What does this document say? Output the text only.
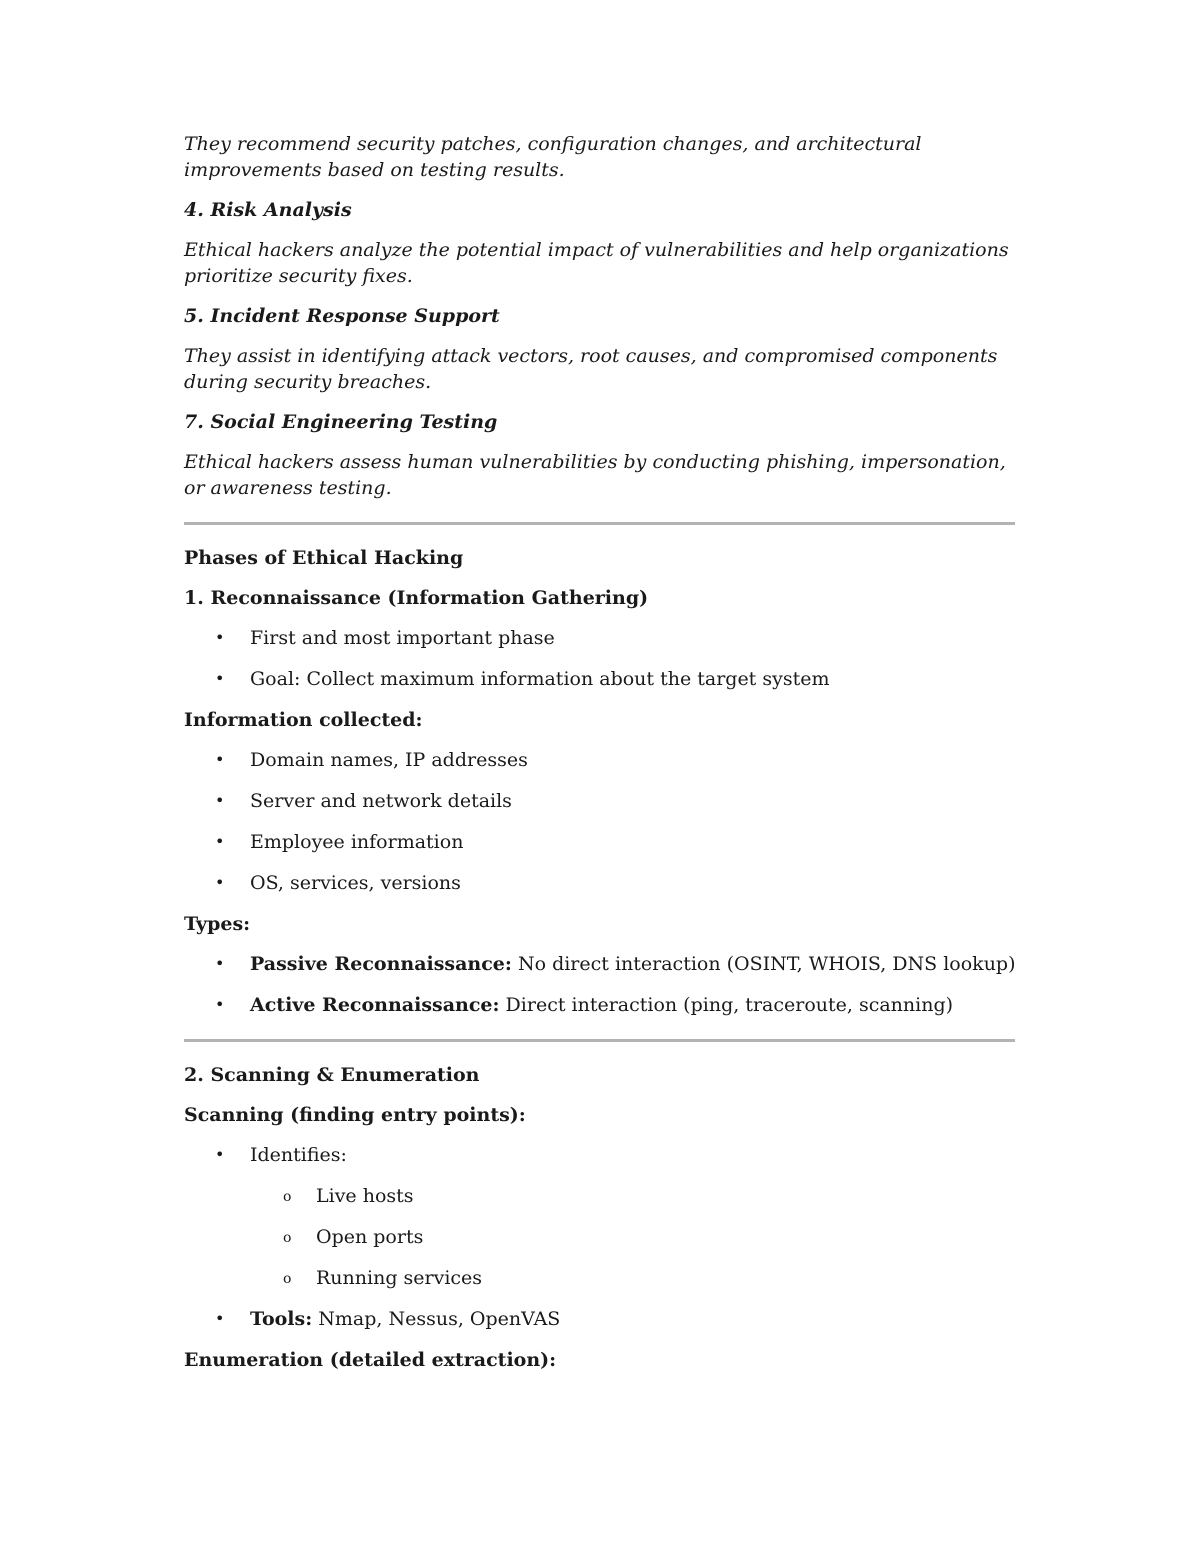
They recommend security patches, configuration changes, and architectural improvements based on testing results.

4. Risk Analysis

Ethical hackers analyze the potential impact of vulnerabilities and help organizations prioritize security fixes.

5. Incident Response Support

They assist in identifying attack vectors, root causes, and compromised components during security breaches.

7. Social Engineering Testing

Ethical hackers assess human vulnerabilities by conducting phishing, impersonation, or awareness testing.

Phases of Ethical Hacking
1. Reconnaissance (Information Gathering)
• First and most important phase
• Goal: Collect maximum information about the target system
Information collected:
• Domain names, IP addresses
• Server and network details
• Employee information
• OS, services, versions
Types:
• Passive Reconnaissance: No direct interaction (OSINT, WHOIS, DNS lookup)
• Active Reconnaissance: Direct interaction (ping, traceroute, scanning)
2. Scanning & Enumeration
Scanning (finding entry points):
• Identifies:
o Live hosts
o Open ports
o Running services
• Tools: Nmap, Nessus, OpenVAS
Enumeration (detailed extraction):
